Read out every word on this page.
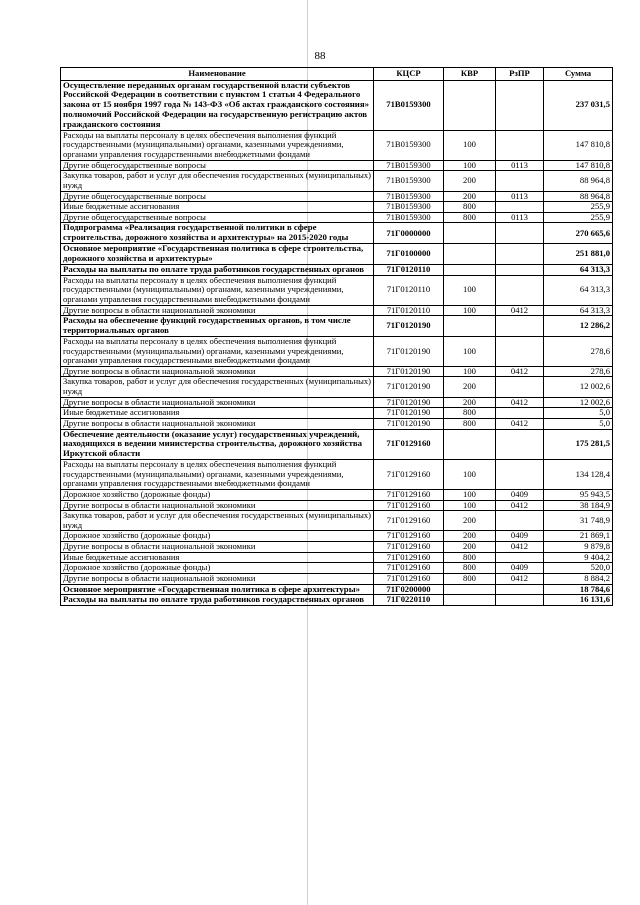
88
Наименование	КЦСР	КВР	РзПР	Сумма
Осуществление переданных органам государственной власти субъектов Российской Федерации в соответствии с пунктом 1 статьи 4 Федерального закона от 15 ноября 1997 года № 143-ФЗ «Об актах гражданского состояния» полномочий Российской Федерации на государственную регистрацию актов гражданского состояния	71В0159300			237 031,5
Расходы на выплаты персоналу в целях обеспечения выполнения функций государственными (муниципальными) органами, казенными учреждениями, органами управления государственными внебюджетными фондами	71В0159300	100		147 810,8
Другие общегосударственные вопросы	71В0159300	100	0113	147 810,8
Закупка товаров, работ и услуг для обеспечения государственных (муниципальных) нужд	71В0159300	200		88 964,8
Другие общегосударственные вопросы	71В0159300	200	0113	88 964,8
Иные бюджетные ассигнования	71В0159300	800		255,9
Другие общегосударственные вопросы	71В0159300	800	0113	255,9
Подпрограмма «Реализация государственной политики в сфере строительства, дорожного хозяйства и архитектуры» на 2015-2020 годы	71Г0000000			270 665,6
Основное мероприятие «Государственная политика в сфере строительства, дорожного хозяйства и архитектуры»	71Г0100000			251 881,0
Расходы на выплаты по оплате труда работников государственных органов	71Г0120110			64 313,3
Расходы на выплаты персоналу в целях обеспечения выполнения функций государственными (муниципальными) органами, казенными учреждениями, органами управления государственными внебюджетными фондами	71Г0120110	100		64 313,3
Другие вопросы в области национальной экономики	71Г0120110	100	0412	64 313,3
Расходы на обеспечение функций государственных органов, в том числе территориальных органов	71Г0120190			12 286,2
Расходы на выплаты персоналу в целях обеспечения выполнения функций государственными (муниципальными) органами, казенными учреждениями, органами управления государственными внебюджетными фондами	71Г0120190	100		278,6
Другие вопросы в области национальной экономики	71Г0120190	100	0412	278,6
Закупка товаров, работ и услуг для обеспечения государственных (муниципальных) нужд	71Г0120190	200		12 002,6
Другие вопросы в области национальной экономики	71Г0120190	200	0412	12 002,6
Иные бюджетные ассигнования	71Г0120190	800		5,0
Другие вопросы в области национальной экономики	71Г0120190	800	0412	5,0
Обеспечение деятельности (оказание услуг) государственных учреждений, находящихся в ведении министерства строительства, дорожного хозяйства Иркутской области	71Г0129160			175 281,5
Расходы на выплаты персоналу в целях обеспечения выполнения функций государственными (муниципальными) органами, казенными учреждениями, органами управления государственными внебюджетными фондами	71Г0129160	100		134 128,4
Дорожное хозяйство (дорожные фонды)	71Г0129160	100	0409	95 943,5
Другие вопросы в области национальной экономики	71Г0129160	100	0412	38 184,9
Закупка товаров, работ и услуг для обеспечения государственных (муниципальных) нужд	71Г0129160	200		31 748,9
Дорожное хозяйство (дорожные фонды)	71Г0129160	200	0409	21 869,1
Другие вопросы в области национальной экономики	71Г0129160	200	0412	9 879,8
Иные бюджетные ассигнования	71Г0129160	800		9 404,2
Дорожное хозяйство (дорожные фонды)	71Г0129160	800	0409	520,0
Другие вопросы в области национальной экономики	71Г0129160	800	0412	8 884,2
Основное мероприятие «Государственная политика в сфере архитектуры»	71Г0200000			18 784,6
Расходы на выплаты по оплате труда работников государственных органов	71Г0220110			16 131,6
